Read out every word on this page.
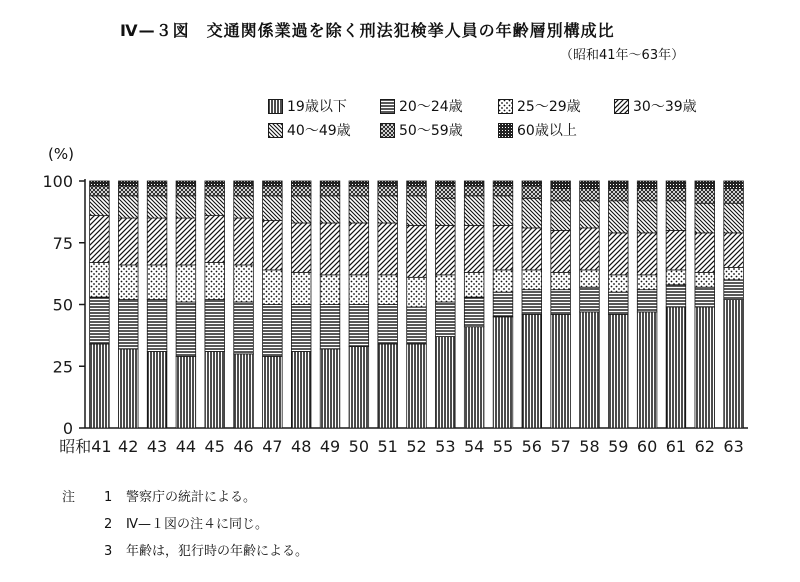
Ⅳ—３図　交通関係業過を除く刑法犯検挙人員の年齢層別構成比
（昭和41年〜63年）
0
25
50
75
100
昭和41 42 43 44 45 46 47 48 49 50 51 52 53 54 55 56 57 58 59 60 61 62 63
(%)
19歳以下	20～24歳	25～29歳	30～39歳
40～49歳	50～59歳	60歳以上
注	1	警察庁の統計による。
2	Ⅳ—１図の注４に同じ。
3	年齢は，犯行時の年齢による。
